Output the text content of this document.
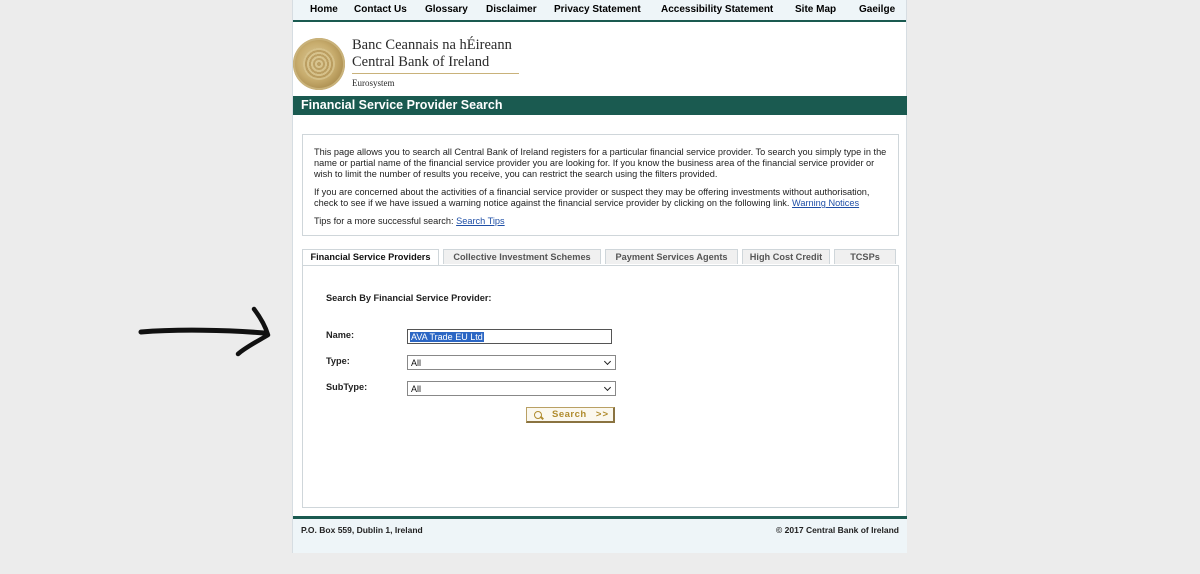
Home Contact Us Glossary Disclaimer Privacy Statement Accessibility Statement Site Map Gaeilge
Banc Ceannais na hÉireann
Central Bank of Ireland
Eurosystem
Financial Service Provider Search

This page allows you to search all Central Bank of Ireland registers for a particular financial service provider. To search you simply type in the name or partial name of the financial service provider you are looking for. If you know the business area of the financial service provider or wish to limit the number of results you receive, you can restrict the search using the filters provided.

If you are concerned about the activities of a financial service provider or suspect they may be offering investments without authorisation, check to see if we have issued a warning notice against the financial service provider by clicking on the following link. Warning Notices

Tips for a more successful search: Search Tips

Financial Service Providers	Collective Investment Schemes	Payment Services Agents	High Cost Credit	TCSPs
Search By Financial Service Provider:
Name:	AVA Trade EU Ltd
Type:	All
SubType:	All
Search >>
P.O. Box 559, Dublin 1, Ireland	© 2017 Central Bank of Ireland
